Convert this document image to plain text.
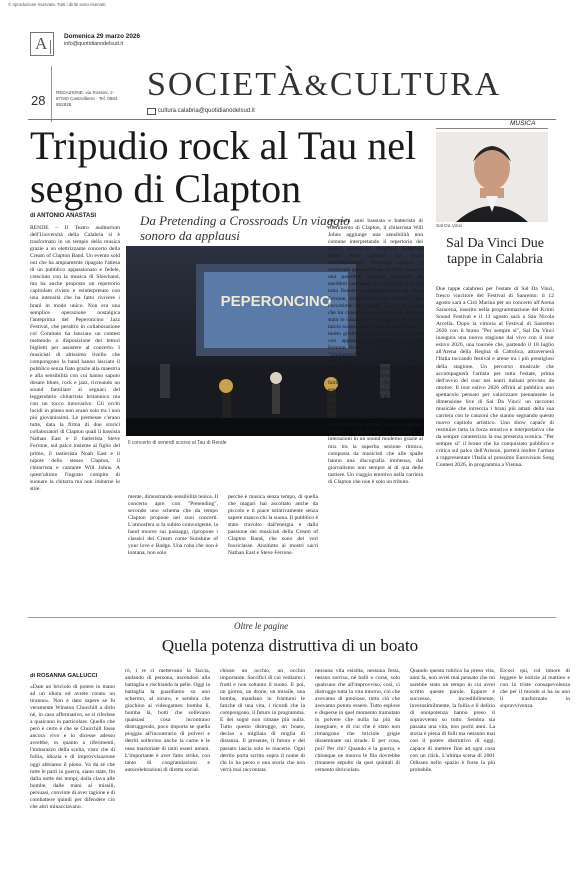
© riproduzione riservata. Tutti i diritti sono riservati
A	Domenica 29 marzo 2026
info@quotidianodelsud.it
28
REDAZIONE: via Rossini, 2 · 87040 Castrolibero · Tel. 0984 852828
SOCIETÀ&CULTURA
cultura.calabria@quotidianodelsud.it
Tripudio rock al Tau nel segno di Clapton
di ANTONIO ANASTASI	Da Pretending a Crossroads Un viaggio sonoro da applausi
RENDE – Il Teatro auditorium dell'Università della Calabria si è trasformato in un tempio della musica grazie a un elettrizzante concerto della Cream of Clapton Band. Un evento sold out che ha ampiamente ripagato l'attesa di un pubblico appassionato e fedele, cresciuto con la musica di Slowhand, ma ha anche proposto un repertorio capitolato rivisto e reinterpretato con una intensità che ha fatto rivivere i brani in modo unico. Non era una semplice operazione nostalgica l'anteprima del Peperoncino Jazz Festival, che peraltro in collaborazione col Comitato ha lanciato un contest mettendo a disposizione dei lettori biglietti per assistere al concerto. I musicisti di altissimo livello che compongono la band hanno lasciato il pubblico senza fiato grazie alla maestria e alla sensibilità con cui hanno saputo dosare blues, rock e jazz, ricreando un sound familiare ai seguaci del leggendario chitarrista britannico ma con un tocco innovativo. Gli occhi lucidi in platea non erano solo tra i non più giovanissimi. Le premesse c'erano tutte, data la firma di due storici collaboratori di Clapton quali il bassista Nathan East e il batterista Steve Ferrone, sul palco insieme al figlio del primo, il tastierista Noah East e il nipote dello stesso Clapton, il chitarrista e cantante Will Johns. A quest'ultimo l'ingrato compito di suonare la chitarra ma non imitarne lo stile.
PEPERONCINO
Il concerto di venerdì scorso al Tau di Rende
mente, dimostrando sensibilità tenica. Il concerto apre con "Pretending", secondo uno schema che da tempo Clapton propone nei suoi concerti. L'atmosfera si fa subito coinvolgente, la band muove sui passaggi, ripropone i classici dei Cream come Sunshine of your love e Badge. Una roba che non è lontana, non solo
perché è musica senza tempo, di quella che magari hai ascoltato anche da piccolo e ti piace istintivamente senza sapere manco chi la suona. Il pubblico è stato travolto dall'energia e dalla passione dei musicisti della Cream of Clapton Band, che sono dei veri fuoriclasse. Anzitutto ai mostri sacri Nathan East e Steve Ferrone.
per molti anni bassista e batterista di riferimento di Clapton, il chitarrista Will Johns aggiunge una sensibilità non comune interpretando il repertorio del nonno, mentre lo strepitoso tastierista Noah East apporta un tocco contemporaneo. Memoria storica e continuità generazionale. A metà concerto una parentesi acustica preceduta da aneddoti raccontati in un italiano non del tutto fluente ma simpaticissimo da Steve Ferrone, ribattezzato come "Stefano" per l'occasione dal bassista East. E si scopre che lui conosce bene la Calabria, essendo stato in vacanza a Vibo Marina. Mentre si lascia scappare un "Fuck Donald Trump", molto gradito dal pubblico che sottolinea con applausi, il metronomo vivente Ferrone ricorda la genesi del progetto "Unplugged", il disco live più venduto della storia con 27 milioni di dischi, "Suonare piano", il segreto del successo. Da Layla a Tears in heaven a Running on faith ascolti e voli. Nel gran finale esplode la libertà creativa dei musicisti che si divertono sempre di più con i brani iconici di Clapton. Dal reggae marleyano di I shot the sheriff a Wonderful Tonight, da White Room a Cocaine al lucore Crossroads che termina in una ovazione. Trame scoppiettanti, scatenati e interazioni in un sound moderno grazie al mix tra la superba sezione ritmica, composta da musicisti che alle spalle hanno una discografia immensa, dal giornalismo non sempre al di qua delle tastiere. Un viaggio emotivo nella carriera di Clapton che non è solo un tributo.
MUSICA
Sal Da Vinci
Sal Da Vinci Due tappe in Calabria
Due tappe calabresi per l'estate di Sal Da Vinci, fresco vincitore del Festival di Sanremo: il 12 agosto sarà a Cirò Marina per un concerto all'Arena Saracena, inserito nella programmazione del Krimi Sound Festival e il 13 agosto sarà a San Nicola Arcella. Dopo la vittoria al Festival di Sanremo 2026 con il brano "Per sempre sì", Sal Da Vinci inaugura una nuova stagione dal vivo con il tour estivo 2026, una tournée che, partendo il 18 luglio all'Arena della Regina di Cattolica, attraverserà l'Italia toccando festival e arene tra i più prestigiosi della stagione. Un percorso musicale che accompagnerà l'artista per tutta l'estate, prima dell'avvio del tour nei teatri italiani previsto da ottobre. Il tour estivo 2026 offrirà al pubblico uno spettacolo pensato per valorizzare pienamente la dimensione live di Sal Da Vinci: un racconto musicale che intreccia i brani più amati della sua carriera con le canzoni che stanno segnando questo nuovo capitolo artistico. Uno show capace di restituire tutta la forza emotiva e interpretativa che da sempre caratterizza la sua presenza scenica. "Per sempre sì" il brano che ha conquistato pubblico e critica sul palco dell'Ariston, porterà inoltre l'artista a rappresentare l'Italia al prossimo Eurovision Song Contest 2026, in programma a Vienna.
Oltre le pagine
Quella potenza distruttiva di un boato
di ROSANNA GALLUCCI
«Date un briciolo di potere in mano ad un idiota ed avrete creato un tiranno». Non è dato sapere se fu veramente Winston Churchill a dirlo né, in caso affermativo, se si riferisse a qualcuno in particolare. Quello che però è certo è che se Churchill fosse ancora vivo e lo dicesse adesso avrebbe, in quanto a riferimenti, l'imbarazzo della scelta, visto che di follia, idiozia e di improvvisazione oggi abbiamo il pieno. Va da sé che tutte le parti in guerra, siano state, fin dalla notte dei tempi, dalla clava alle bombe, dalle mani ai missili, persuasi, convinte di aver ragione e di combattere quindi per difendere ciò che altri minacciavano.
rò, i re ci mettevano la faccia, andando di persona, uscendosi alla battaglia e rischiando la pelle. Oggi la battaglia la guardiamo su uno schermo, al sicuro, e sembra che giochino ai videogames: bomba lì, bomba là, botti che sollevano qualsiasi cosa incontrano distruggendo, poco importa se quella pioggia all'incontrario di polveri e detriti sollevino anche la carne e le ossa martoriate di tanti esseri umani. L'importante è aver fatto strike, con tanto di congratulazioni e autocelebrazioni di diretta social.
chiuso un occhio, un occhio importante. Sacrifici di cui vediamo i frutti e non soltanto il suono. E poi, un giorno, un drone, un missile, una bomba, mandano in frantumi le fatiche di una vita, i ricordi che la compongono, il futuro in programma. E dei sogni non rimane più nulla. Tutto questo distrugge, un boato, deciso a migliaia di miglia di distanza. Il presente, il futuro e del passato lascia solo le macerie. Ogni detrito porta scritto sopra il nome di chi lo ha perso e una storia che non verrà mai raccontata.
nessuna vita esistita, nessuna festa, nessun sorriso, né balli o corse, solo qualcuno che all'improvviso, così, ci distrugge tutta la vita intorno, ciò che avevamo di prezioso, tutto ciò che avevamo potuto essere. Tutto esplose e disperse in quel momento tramutato in polvere che nulla ha più da insegnare, e di cui che è stato non rimangono che briciole grigie disseminate sui strade. E per cosa, poi? Per chi? Quando è la guerra, e chiunque ne muova le fila dovrebbe rimanere sepolto da quei quintali di cemento sbriciolato.
Quando questa rubrica ha preso vita, anni fa, non avrei mai pensato che mi sarebbe stato un tempo in cui avrei scritto queste parole. Eppure è successo, incredibilmente, inverosimilmente, la follia e il delirio di onnipotenza hanno preso il sopravvento su tutto. Sembra sia passata una vita, non pochi anni. La storia è piena di folli ma nessuno mai con il potere distruttivo di oggi, capace di mettere fine ad ogni cosa con un click. L'ultima scena di 2001 Odissea nello spazio è forse la più probabile.
Ercoci qui, col timore di leggere le notizie al mattino e con la triste consapevolezza che per il mondo si ha su uno il trasformato in sopravvivenza.
